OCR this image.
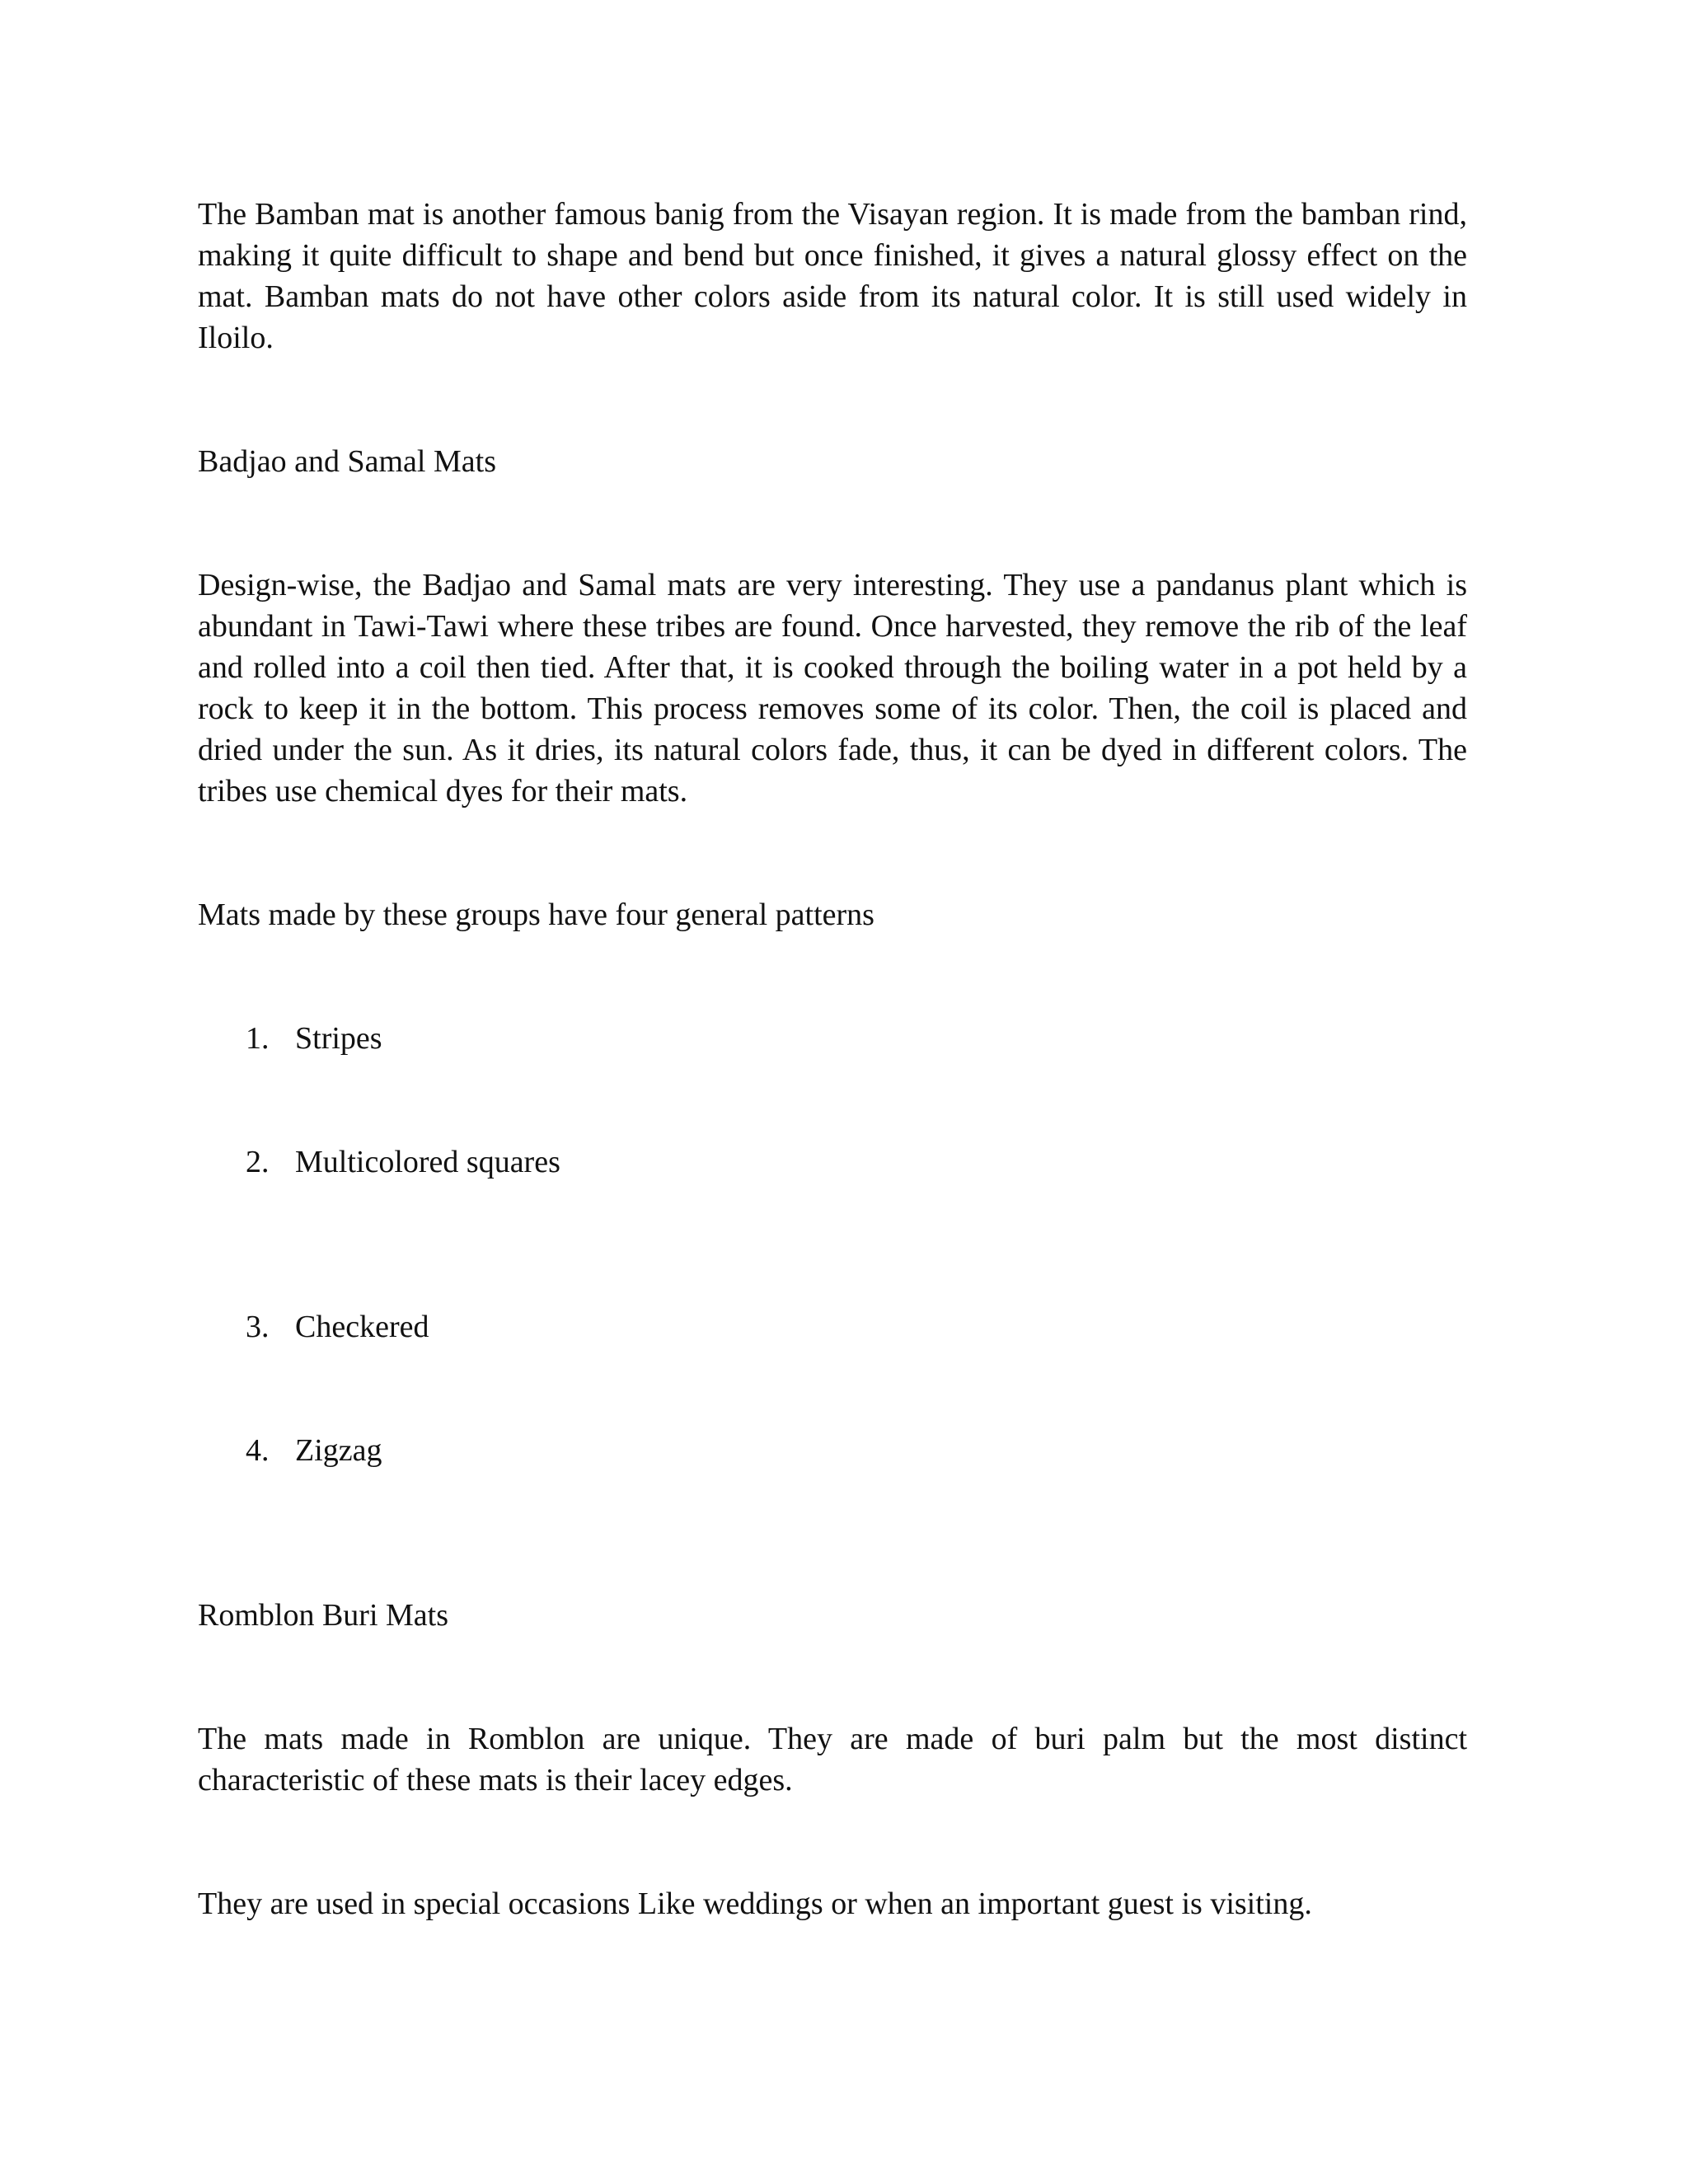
The Bamban mat is another famous banig from the Visayan region. It is made from the bamban rind, making it quite difficult to shape and bend but once finished, it gives a natural glossy effect on the mat. Bamban mats do not have other colors aside from its natural color. It is still used widely in Iloilo.

Badjao and Samal Mats

Design-wise, the Badjao and Samal mats are very interesting. They use a pandanus plant which is abundant in Tawi-Tawi where these tribes are found. Once harvested, they remove the rib of the leaf and rolled into a coil then tied. After that, it is cooked through the boiling water in a pot held by a rock to keep it in the bottom. This process removes some of its color. Then, the coil is placed and dried under the sun. As it dries, its natural colors fade, thus, it can be dyed in different colors. The tribes use chemical dyes for their mats.

Mats made by these groups have four general patterns

1. Stripes
2. Multicolored squares
3. Checkered
4. Zigzag

Romblon Buri Mats

The mats made in Romblon are unique. They are made of buri palm but the most distinct characteristic of these mats is their lacey edges.

They are used in special occasions Like weddings or when an important guest is visiting.
